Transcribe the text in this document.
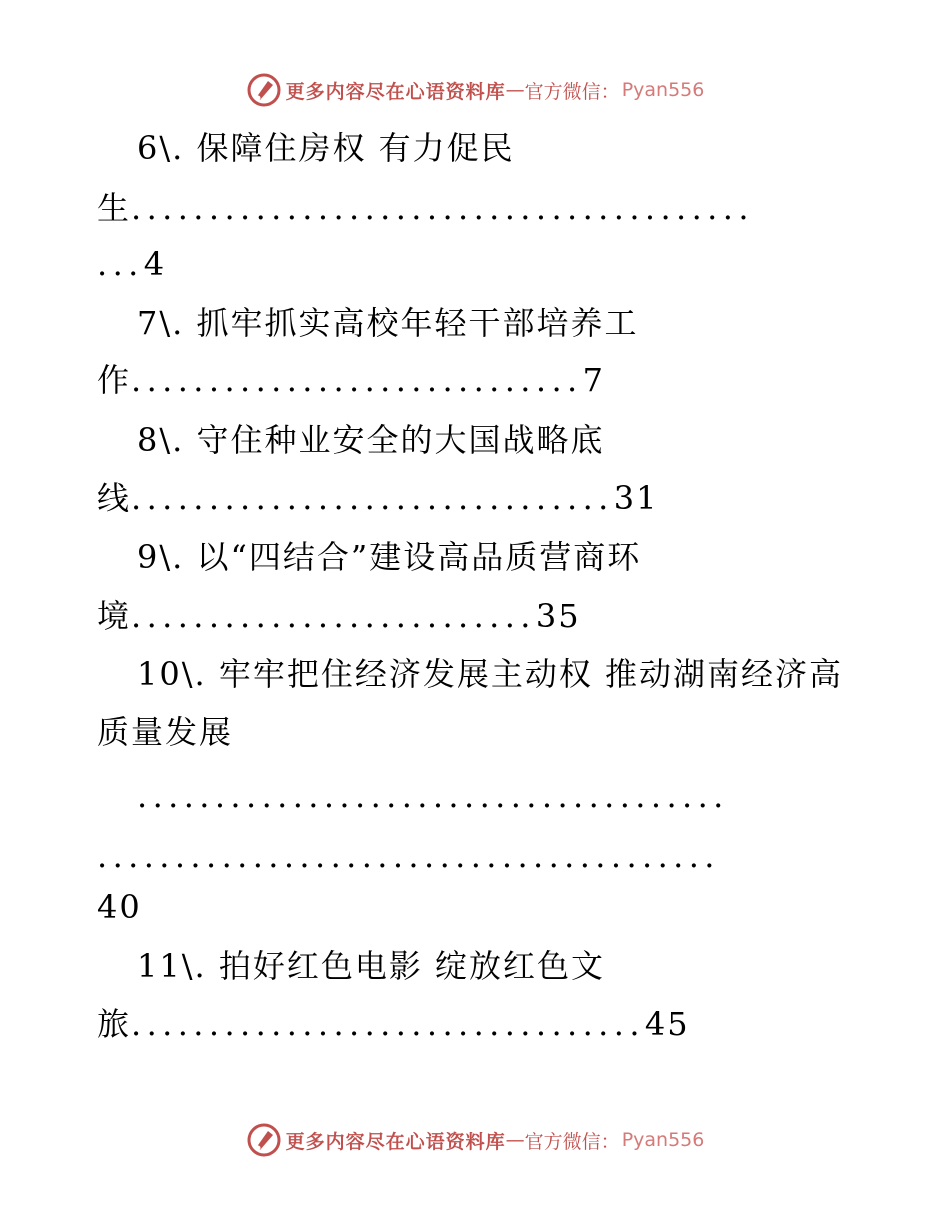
更多内容尽在心语资料库 — 官方微信： Pyan556
6\. 保障住房权 有力促民
生........................................
...4
7\. 抓牢抓实高校年轻干部培养工
作.............................7
8\. 守住种业安全的大国战略底
线...............................31
9\. 以“四结合”建设高品质营商环
境..........................35
10\. 牢牢把住经济发展主动权 推动湖南经济高
质量发展
......................................
........................................
40
11\. 拍好红色电影 绽放红色文
旅.................................45
更多内容尽在心语资料库 — 官方微信： Pyan556
